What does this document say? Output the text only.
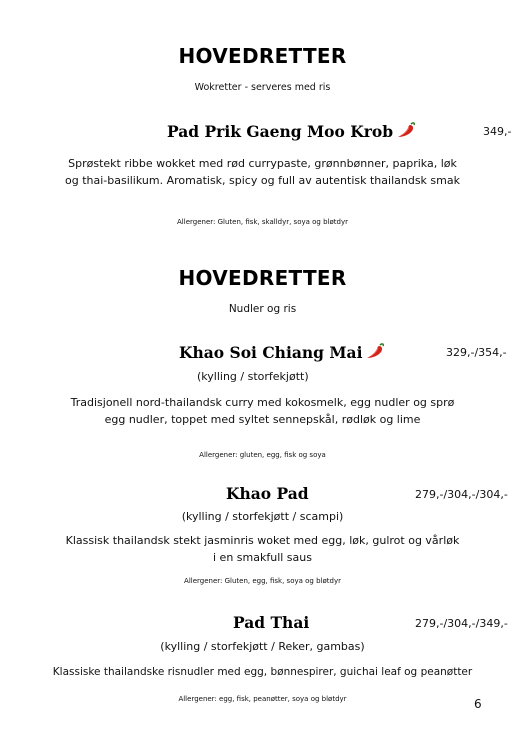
HOVEDRETTER
Wokretter - serveres med ris
Pad Prik Gaeng Moo Krob	349,-
Sprøstekt ribbe wokket med rød currypaste, grønnbønner, paprika, løk
og thai-basilikum. Aromatisk, spicy og full av autentisk thailandsk smak
Allergener: Gluten, fisk, skalldyr, soya og bløtdyr
HOVEDRETTER
Nudler og ris
Khao Soi Chiang Mai	329,-/354,-
(kylling / storfekjøtt)
Tradisjonell nord-thailandsk curry med kokosmelk, egg nudler og sprø
egg nudler, toppet med syltet sennepskål, rødløk og lime
Allergener: gluten, egg, fisk og soya
Khao Pad	279,-/304,-/304,-
(kylling / storfekjøtt / scampi)
Klassisk thailandsk stekt jasminris woket med egg, løk, gulrot og vårløk
i en smakfull saus
Allergener: Gluten, egg, fisk, soya og bløtdyr
Pad Thai	279,-/304,-/349,-
(kylling / storfekjøtt / Reker, gambas)
Klassiske thailandske risnudler med egg, bønnespirer, guichai leaf og peanøtter
Allergener: egg, fisk, peanøtter, soya og bløtdyr	6
